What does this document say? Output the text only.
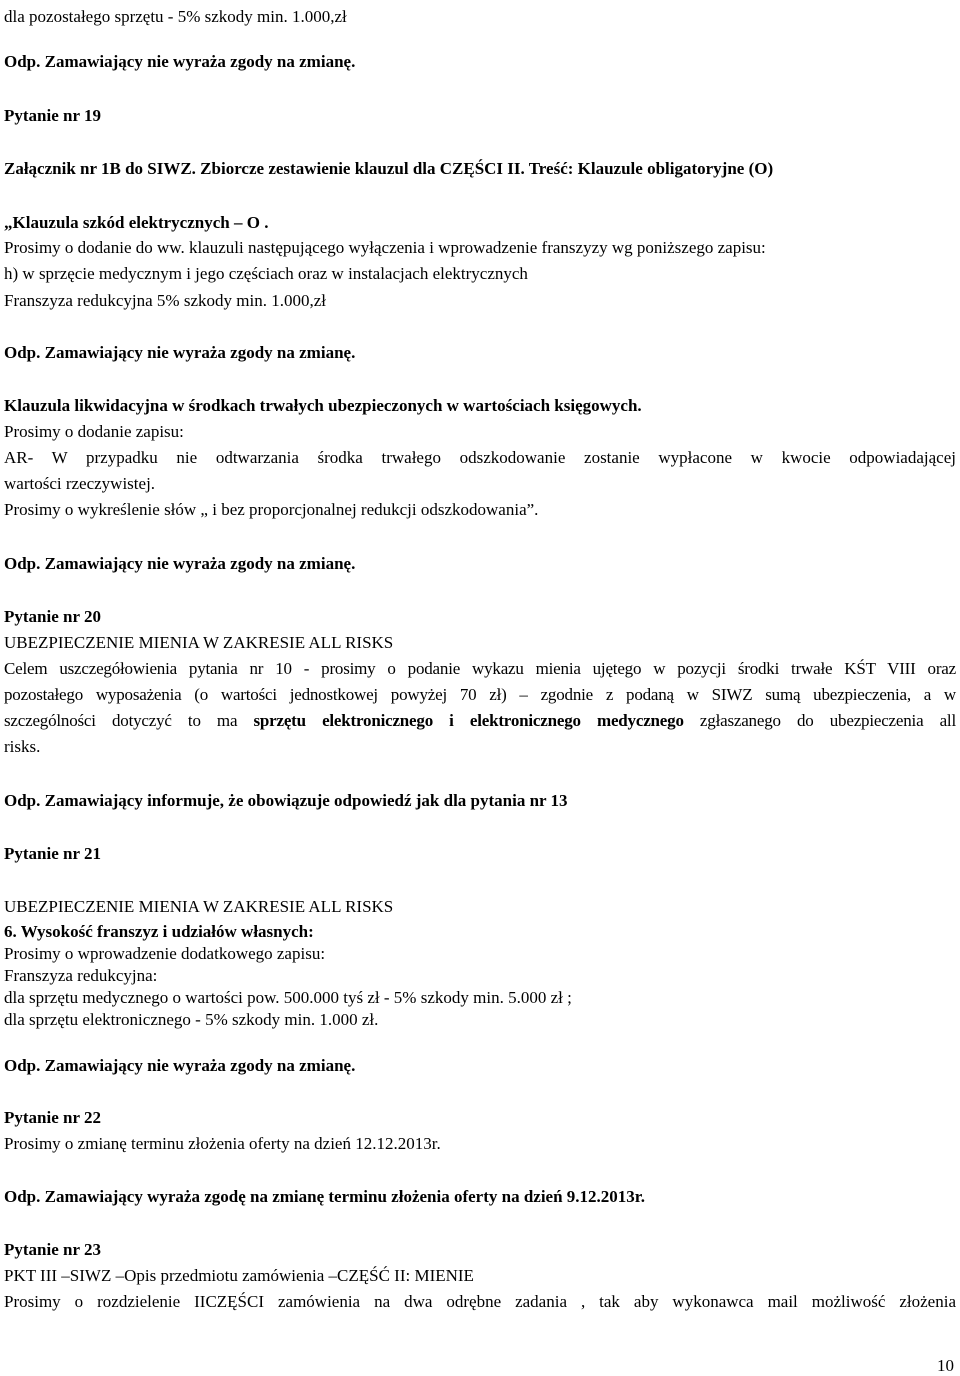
dla pozostałego sprzętu - 5% szkody min. 1.000,zł

Odp. Zamawiający nie wyraża zgody na zmianę.

Pytanie nr 19

Załącznik nr 1B do SIWZ. Zbiorcze zestawienie klauzul dla CZĘŚCI II. Treść: Klauzule obligatoryjne (O)

„Klauzula szkód elektrycznych – O .

Prosimy o dodanie do ww. klauzuli następującego wyłączenia i wprowadzenie franszyzy wg poniższego zapisu:

h) w sprzęcie medycznym i jego częściach oraz w instalacjach elektrycznych

Franszyza redukcyjna 5% szkody min. 1.000,zł

Odp. Zamawiający nie wyraża zgody na zmianę.

Klauzula likwidacyjna w środkach trwałych ubezpieczonych w wartościach księgowych.

Prosimy o dodanie zapisu:

AR- W przypadku nie odtwarzania środka trwałego odszkodowanie zostanie wypłacone w kwocie odpowiadającej

wartości rzeczywistej.

Prosimy o wykreślenie słów „ i bez proporcjonalnej redukcji odszkodowania”.

Odp. Zamawiający nie wyraża zgody na zmianę.

Pytanie nr 20

UBEZPIECZENIE MIENIA W ZAKRESIE ALL RISKS

Celem uszczegółowienia pytania nr 10 - prosimy o podanie wykazu mienia ujętego w pozycji środki trwałe KŚT VIII oraz

pozostałego wyposażenia (o wartości jednostkowej powyżej 70 zł) – zgodnie z podaną w SIWZ sumą ubezpieczenia, a w

szczególności dotyczyć to ma sprzętu elektronicznego i elektronicznego medycznego zgłaszanego do ubezpieczenia all

risks.

Odp. Zamawiający informuje, że obowiązuje odpowiedź jak dla pytania nr 13

Pytanie nr 21

UBEZPIECZENIE MIENIA W ZAKRESIE ALL RISKS

6. Wysokość franszyz i udziałów własnych:

Prosimy o wprowadzenie dodatkowego zapisu:

Franszyza redukcyjna:

dla sprzętu medycznego o wartości pow. 500.000 tyś zł - 5% szkody min. 5.000 zł ;

dla sprzętu elektronicznego - 5% szkody min. 1.000 zł.

Odp. Zamawiający nie wyraża zgody na zmianę.

Pytanie nr 22

Prosimy o zmianę terminu złożenia oferty na dzień 12.12.2013r.

Odp. Zamawiający wyraża zgodę na zmianę terminu złożenia oferty na dzień 9.12.2013r.

Pytanie nr 23

PKT III –SIWZ –Opis przedmiotu zamówienia –CZĘŚĆ II: MIENIE

Prosimy o rozdzielenie IICZĘŚCI zamówienia na dwa odrębne zadania , tak aby wykonawca mail możliwość złożenia

10
